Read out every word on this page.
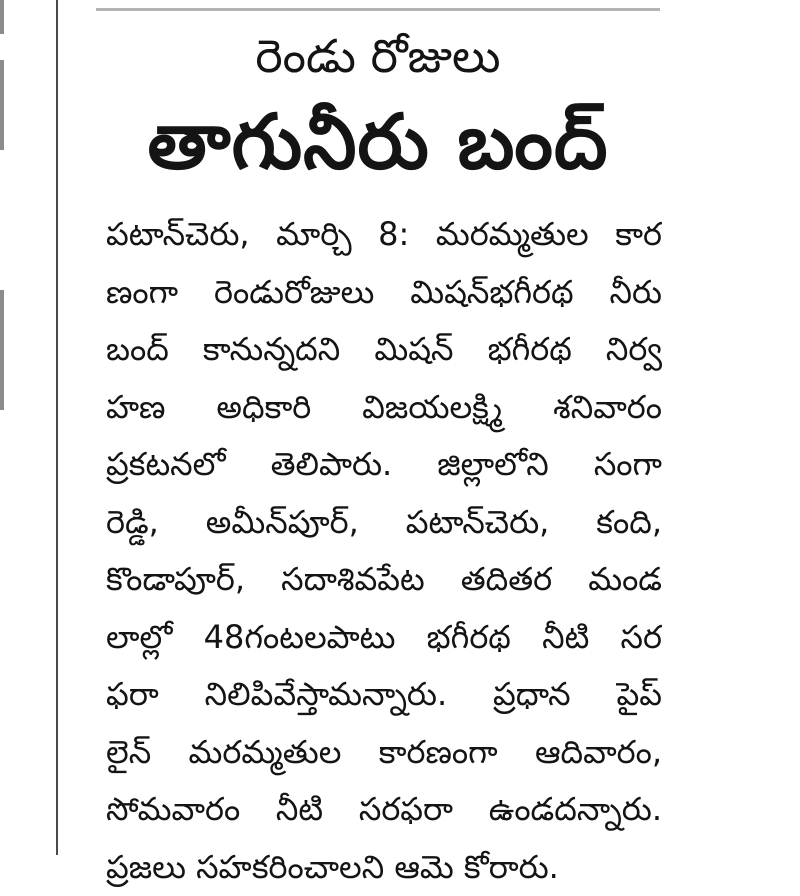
రెండు రోజులు
తాగునీరు బంద్
పటాన్‌చెరు, మార్చి 8: మరమ్మతుల కార
ణంగా రెండురోజులు మిషన్‌భగీరథ నీరు
బంద్ కానున్నదని మిషన్ భగీరథ నిర్వ
హణ అధికారి విజయలక్ష్మి శనివారం
ప్రకటనలో తెలిపారు. జిల్లాలోని సంగా
రెడ్డి, అమీన్‌పూర్, పటాన్‌చెరు, కంది,
కొండాపూర్, సదాశివపేట తదితర మండ
లాల్లో 48గంటలపాటు భగీరథ నీటి సర
ఫరా నిలిపివేస్తామన్నారు. ప్రధాన పైప్
లైన్ మరమ్మతుల కారణంగా ఆదివారం,
సోమవారం నీటి సరఫరా ఉండదన్నారు.
ప్రజలు సహకరించాలని ఆమె కోరారు.
